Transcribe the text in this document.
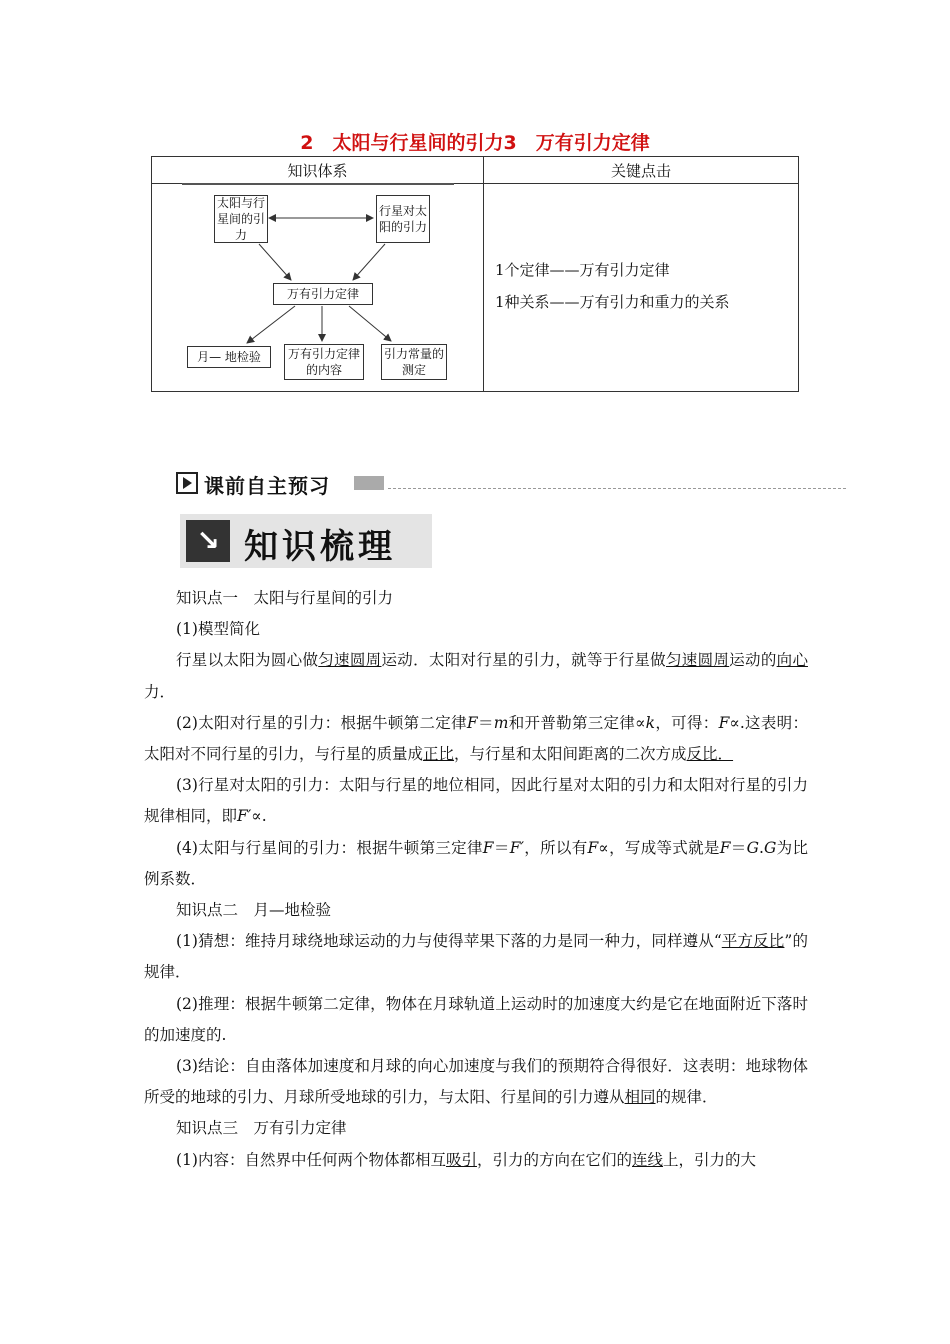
2　太阳与行星间的引力3　万有引力定律
知识体系	关键点击
太阳与行星间的引力
行星对太阳的引力
万有引力定律
月— 地检验	万有引力定律的内容
引力常量的测定
1个定律——万有引力定律
1种关系——万有引力和重力的关系
课前自主预习
↘ 知识梳理

知识点一　太阳与行星间的引力

(1)模型简化

行星以太阳为圆心做匀速圆周运动．太阳对行星的引力，就等于行星做匀速圆周运动的向心力．

(2)太阳对行星的引力：根据牛顿第二定律F＝m和开普勒第三定律∝k，可得：F∝.这表明：太阳对不同行星的引力，与行星的质量成正比，与行星和太阳间距离的二次方成反比．

(3)行星对太阳的引力：太阳与行星的地位相同，因此行星对太阳的引力和太阳对行星的引力规律相同，即F′∝.

(4)太阳与行星间的引力：根据牛顿第三定律F＝F′，所以有F∝，写成等式就是F＝G.G为比例系数．

知识点二　月—地检验

(1)猜想：维持月球绕地球运动的力与使得苹果下落的力是同一种力，同样遵从“平方反比”的规律．

(2)推理：根据牛顿第二定律，物体在月球轨道上运动时的加速度大约是它在地面附近下落时的加速度的.

(3)结论：自由落体加速度和月球的向心加速度与我们的预期符合得很好．这表明：地球物体所受的地球的引力、月球所受地球的引力，与太阳、行星间的引力遵从相同的规律．

知识点三　万有引力定律

(1)内容：自然界中任何两个物体都相互吸引，引力的方向在它们的连线上，引力的大
